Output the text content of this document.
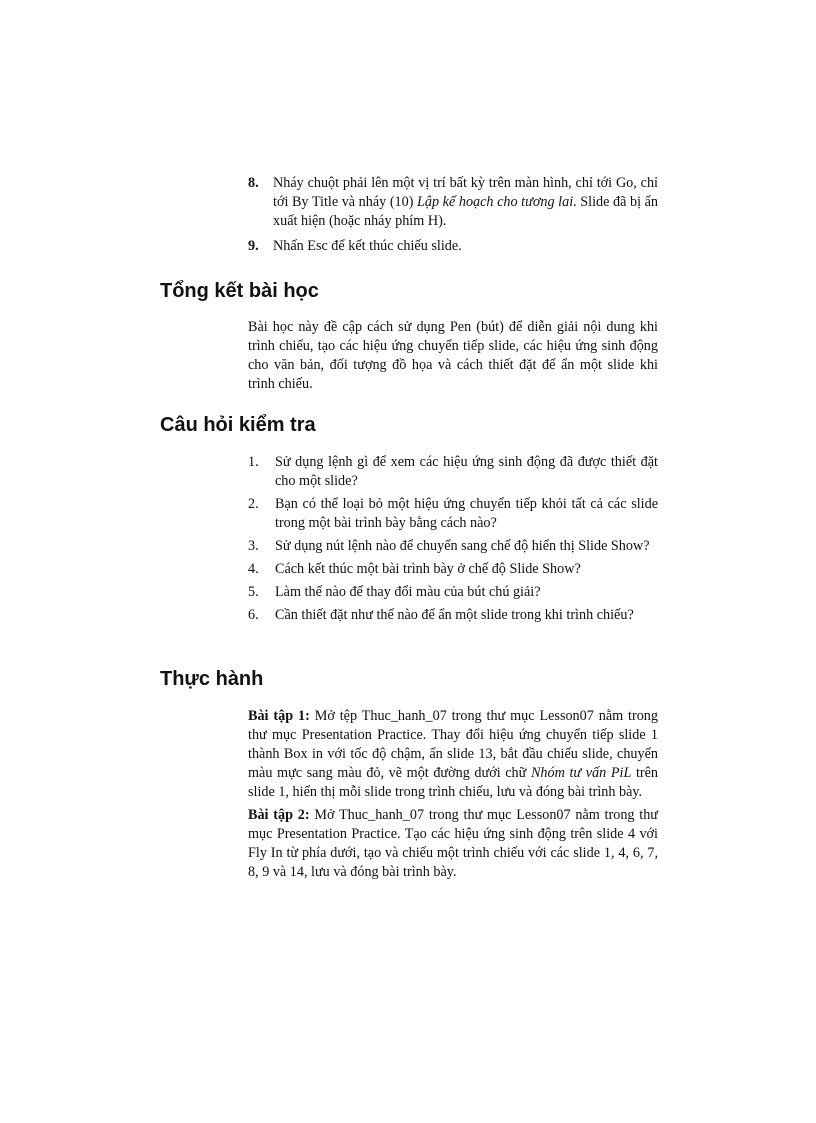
8.	Nháy chuột phải lên một vị trí bất kỳ trên màn hình, chỉ tới Go, chỉ tới By Title và nháy (10) Lập kế hoạch cho tương lai. Slide đã bị ẩn xuất hiện (hoặc nháy phím H).
9.	Nhấn Esc để kết thúc chiếu slide.
Tổng kết bài học

Bài học này đề cập cách sử dụng Pen (bút) để diễn giải nội dung khi trình chiếu, tạo các hiệu ứng chuyển tiếp slide, các hiệu ứng sinh động cho văn bản, đối tượng đồ họa và cách thiết đặt để ẩn một slide khi trình chiếu.

Câu hỏi kiểm tra
1.	Sử dụng lệnh gì để xem các hiệu ứng sinh động đã được thiết đặt cho một slide?
2.	Bạn có thể loại bỏ một hiệu ứng chuyển tiếp khỏi tất cả các slide trong một bài trình bày bằng cách nào?
3.	Sử dụng nút lệnh nào để chuyển sang chế độ hiển thị Slide Show?
4.	Cách kết thúc một bài trình bày ở chế độ Slide Show?
5.	Làm thế nào để thay đổi màu của bút chú giải?
6.	Cần thiết đặt như thế nào để ẩn một slide trong khi trình chiếu?
Thực hành

Bài tập 1: Mở tệp Thuc_hanh_07 trong thư mục Lesson07 nằm trong thư mục Presentation Practice. Thay đổi hiệu ứng chuyển tiếp slide 1 thành Box in với tốc độ chậm, ẩn slide 13, bắt đầu chiếu slide, chuyển màu mực sang màu đỏ, vẽ một đường dưới chữ Nhóm tư vấn PiL trên slide 1, hiển thị mỗi slide trong trình chiếu, lưu và đóng bài trình bày.

Bài tập 2: Mở Thuc_hanh_07 trong thư mục Lesson07 nằm trong thư mục Presentation Practice. Tạo các hiệu ứng sinh động trên slide 4 với Fly In từ phía dưới, tạo và chiếu một trình chiếu với các slide 1, 4, 6, 7, 8, 9 và 14, lưu và đóng bài trình bày.
